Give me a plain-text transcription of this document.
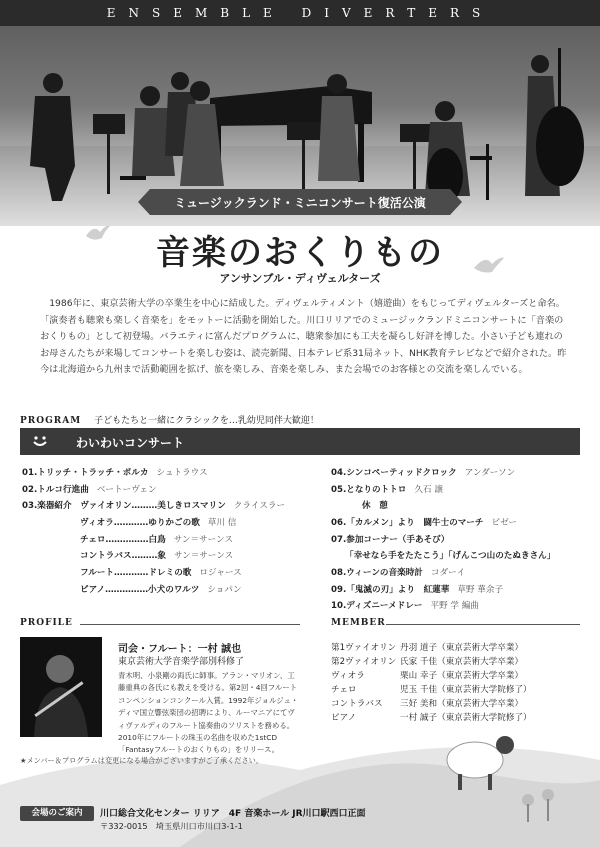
ENSEMBLE DIVERTERS
ミュージックランド・ミニコンサート復活公演
音楽のおくりもの
アンサンブル・ディヴェルターズ
1986年に、東京芸術大学の卒業生を中心に結成した。ディヴェルティメント（嬉遊曲）をもじってディヴェルターズと命名。「演奏者も聴衆も楽しく音楽を」をモットーに活動を開始した。川口リリアでのミュージックランドミニコンサートに「音楽のおくりもの」として初登場。バラエティに富んだプログラムに、聴衆参加にも工夫を凝らし好評を博した。小さい子ども連れのお母さんたちが来場してコンサートを楽しむ姿は、読売新聞、日本テレビ系31局ネット、NHK教育テレビなどで紹介された。昨今は北海道から九州まで活動範囲を拡げ、旅を楽しみ、音楽を楽しみ、また会場でのお客様との交流を楽しんでいる。
PROGRAM 子どもたちと一緒にクラシックを…乳幼児同伴大歓迎！
わいわいコンサート
01.トリッチ・トラッチ・ポルカ シュトラウス
02.トルコ行進曲 ベートーヴェン
03.楽器紹介　ヴァイオリン………美しきロスマリン クライスラー
ヴィオラ…………ゆりかごの歌 草川 信
チェロ……………白鳥 サン＝サーンス
コントラバス………象 サン＝サーンス
フルート…………ドレミの歌 ロジャース
ピアノ……………小犬のワルツ ショパン
04.シンコペーティッドクロック アンダーソン
05.となりのトトロ 久石 譲
休　憩
06.「カルメン」より　闘牛士のマーチ ビゼー
07.参加コーナー（手あそび）
「幸せなら手をたたこう」「げんこつ山のたぬきさん」
08.ウィーンの音楽時計 コダーイ
09.「鬼滅の刃」より　紅蓮華 草野 華余子
10.ディズニーメドレー 平野 学 編曲
PROFILE
司会・フルート：一村 誠也
東京芸術大学音楽学部別科修了
青木明、小泉剛の両氏に師事。アラン・マリオン、工藤重典の各氏にも教えを受ける。第2回・4回フルートコンペンションコンクール入賞。1992年ジョルジュ・ディマ国立響弦楽団の招聘により、ルーマニアにてヴィヴァルディのフルート協奏曲のソリストを務める。2010年にフルートの珠玉の名曲を収めた1stCD「Fantasyフルートのおくりもの」をリリース。
MEMBER
第1ヴァイオリン 丹羽 道子（東京芸術大学卒業）
第2ヴァイオリン 氏家 千佳（東京芸術大学卒業）
ヴィオラ	栗山 幸子（東京芸術大学卒業）
チェロ	児玉 千佳（東京芸術大学院修了）
コントラバス 三好 美和（東京芸術大学卒業）
ピアノ	一村 誠子（東京芸術大学院修了）
★メンバー＆プログラムは変更になる場合がございますがご了承ください。
会場のご案内	川口総合文化センター リリア　4F 音楽ホール JR川口駅西口正面
〒332-0015　埼玉県川口市川口3-1-1
